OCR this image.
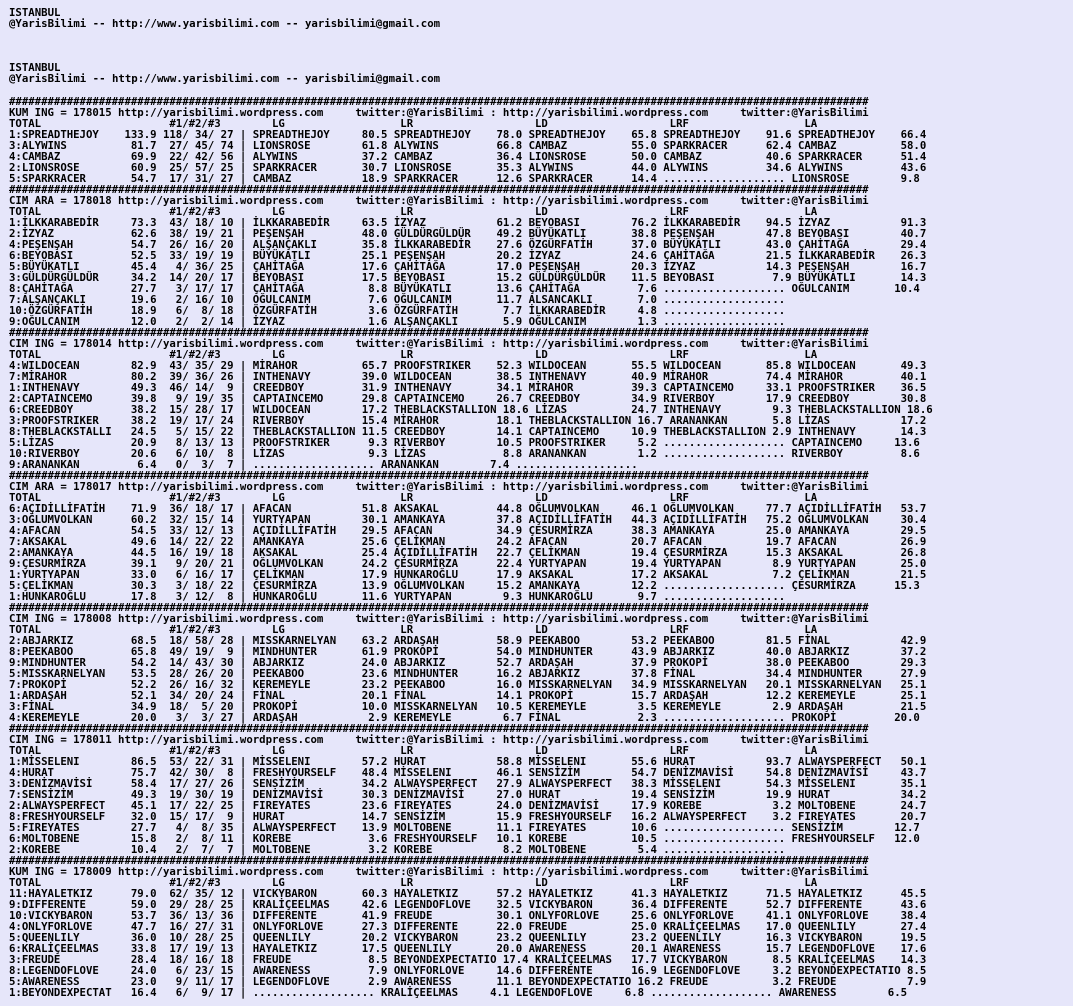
ISTANBUL
@YarisBilimi -- http://www.yarisbilimi.com -- yarisbilimi@gmail.com
ISTANBUL
@YarisBilimi -- http://www.yarisbilimi.com -- yarisbilimi@gmail.com
######################################################################################################################################
KUM ING = 178015 http://yarisbilimi.wordpress.com     twitter:@YarisBilimi : http://yarisbilimi.wordpress.com     twitter:@YarisBilimi
TOTAL                    #1/#2/#3        LG                  LR                   LD                   LRF                  LA
1:SPREADTHEJOY    133.9 118/ 34/ 27 | SPREADTHEJOY     80.5 SPREADTHEJOY    78.0 SPREADTHEJOY    65.8 SPREADTHEJOY    91.6 SPREADTHEJOY    66.4
3:ALYWINS          81.7  27/ 45/ 74 | LIONSROSE        61.8 ALYWINS         66.8 CAMBAZ          55.0 SPARKRACER      62.4 CAMBAZ          58.0
4:CAMBAZ           69.9  22/ 42/ 56 | ALYWINS          37.2 CAMBAZ          36.4 LIONSROSE       50.0 CAMBAZ          40.6 SPARKRACER      51.4
2:LIONSROSE        60.9  25/ 57/ 25 | SPARKRACER       30.7 LIONSROSE       35.3 ALYWINS         44.0 ALYWINS         34.6 ALYWINS         43.6
5:SPARKRACER       54.7  17/ 31/ 27 | CAMBAZ           18.9 SPARKRACER      12.6 SPARKRACER      14.4 ................... LIONSROSE        9.8
######################################################################################################################################
CIM ARA = 178018 http://yarisbilimi.wordpress.com     twitter:@YarisBilimi : http://yarisbilimi.wordpress.com     twitter:@YarisBilimi
TOTAL                    #1/#2/#3        LG                  LR                   LD                   LRF                  LA
1:İLKKARABEDİR     73.3  43/ 18/ 10 | İLKKARABEDİR     63.5 İZYAZ           61.2 BEYOBASI        76.2 İLKKARABEDİR    94.5 İZYAZ           91.3
2:İZYAZ            62.6  38/ 19/ 21 | PEŞENŞAH         48.0 GÜLDÜRGÜLDÜR    49.2 BÜYÜKATLI       38.8 PEŞENŞAH        47.8 BEYOBASI        40.7
4:PEŞENŞAH         54.7  26/ 16/ 20 | ALŞANÇAKLI       35.8 İLKKARABEDİR    27.6 ÖZGÜRFATİH      37.0 BÜYÜKATLI       43.0 ÇAHİTAĞA        29.4
6:BEYOBASI         52.5  33/ 19/ 19 | BÜYÜKATLI        25.1 PEŞENŞAH        20.2 İZYAZ           24.6 ÇAHİTAĞA        21.5 İLKKARABEDİR    26.3
5:BÜYÜKATLI        45.4   4/ 36/ 25 | ÇAHİTAĞA         17.6 ÇAHİTAĞA        17.0 PEŞENŞAH        20.3 İZYAZ           14.3 PEŞENŞAH        16.7
3:GÜLDÜRGÜLDÜR     34.2  14/ 20/ 17 | BEYOBASI         17.5 BEYOBASI        15.2 GÜLDÜRGÜLDÜR    11.5 BEYOBASI         7.9 BÜYÜKATLI       14.3
8:ÇAHİTAĞA         27.7   3/ 17/ 17 | ÇAHİTAĞA          8.8 BÜYÜKATLI       13.6 ÇAHİTAĞA         7.6 ................... OĞULCANIM       10.4
7:ALŞANÇAKLI       19.6   2/ 16/ 10 | OĞULCANIM         7.6 OĞULCANIM       11.7 ALSANCAKLI       7.0 ...................
10:ÖZGÜRFATİH      18.9   6/  8/ 18 | ÖZGÜRFATİH        3.6 ÖZGÜRFATİH       7.7 İLKKARABEDİR     4.8 ...................
9:OĞULCANIM        12.0   2/  2/ 14 | İZYAZ             1.6 ALŞANÇAKLI       5.9 OĞULCANIM        1.3 ...................
######################################################################################################################################
CIM ING = 178014 http://yarisbilimi.wordpress.com     twitter:@YarisBilimi : http://yarisbilimi.wordpress.com     twitter:@YarisBilimi
TOTAL                    #1/#2/#3        LG                  LR                   LD                   LRF                  LA
4:WILDOCEAN        82.9  43/ 35/ 29 | MİRAHOR          65.7 PROOFSTRIKER    52.3 WILDOCEAN       55.5 WILDOCEAN       85.8 WILDOCEAN       49.3
7:MİRAHOR          80.2  39/ 36/ 26 | INTHENAVY        39.0 WILDOCEAN       38.5 INTHENAVY       40.9 MİRAHOR         74.4 MİRAHOR         40.1
1:INTHENAVY        49.3  46/ 14/  9 | CREEDBOY         31.9 INTHENAVY       34.1 MİRAHOR         39.3 CAPTAINCEMO     33.1 PROOFSTRIKER    36.5
2:CAPTAINCEMO      39.8   9/ 19/ 35 | CAPTAINCEMO      29.8 CAPTAINCEMO     26.7 CREEDBOY        34.9 RIVERBOY        17.9 CREEDBOY        30.8
6:CREEDBOY         38.2  15/ 28/ 17 | WILDOCEAN        17.2 THEBLACKSTALLION 18.6 LİZAS          24.7 INTHENAVY        9.3 THEBLACKSTALLION 18.6
3:PROOFSTRIKER     38.2  19/ 17/ 24 | RIVERBOY         15.4 MİRAHOR         18.1 THEBLACKSTALLION 16.7 ARANANKAN       5.8 LİZAS           17.2
8:THEBLACKSTALLI   24.5   5/ 15/ 22 | THEBLACKSTALLION 11.5 CREEDBOY        14.1 CAPTAINCEMO     10.9 THEBLACKSTALLION 2.9 INTHENAVY       14.3
5:LİZAS            20.9   8/ 13/ 13 | PROOFSTRIKER      9.3 RIVERBOY        10.5 PROOFSTRIKER     5.2 ................... CAPTAINCEMO     13.6
10:RIVERBOY        20.6   6/ 10/  8 | LİZAS             9.3 LİZAS            8.8 ARANANKAN        1.2 ................... RIVERBOY         8.6
9:ARANANKAN         6.4   0/  3/  7 | ................... ARANANKAN        7.4 ...................
######################################################################################################################################
CIM ARA = 178017 http://yarisbilimi.wordpress.com     twitter:@YarisBilimi : http://yarisbilimi.wordpress.com     twitter:@YarisBilimi
TOTAL                    #1/#2/#3        LG                  LR                   LD                   LRF                  LA
6:AÇIDİLLİFATİH    71.9  36/ 18/ 17 | AFACAN           51.8 AKSAKAL         44.8 OĞLUMVOLKAN     46.1 OĞLUMVOLKAN     77.7 AÇIDİLLİFATİH   53.7
3:OĞLUMVOLKAN      60.2  32/ 15/ 14 | YURTYAPAN        30.1 AMANKAYA        37.8 AÇIDİLLİFATİH   44.3 AÇIDİLLİFATİH   75.2 OĞLUMVOLKAN     30.4
4:AFACAN           54.5  33/ 12/ 13 | AÇIDİLLİFATİH    29.5 AFACAN          34.9 ÇESURMİRZA      38.3 AMANKAYA        25.0 AMANKAYA        29.5
7:AKSAKAL          49.6  14/ 22/ 22 | AMANKAYA         25.6 ÇELİKMAN        24.2 AFACAN          20.7 AFACAN          19.7 AFACAN          26.9
2:AMANKAYA         44.5  16/ 19/ 18 | AKSAKAL          25.4 AÇIDİLLİFATİH   22.7 ÇELİKMAN        19.4 ÇESURMİRZA      15.3 AKSAKAL         26.8
9:ÇESURMİRZA       39.1   9/ 20/ 21 | OĞLUMVOLKAN      24.2 ÇESURMİRZA      22.4 YURTYAPAN       19.4 YURTYAPAN        8.9 YURTYAPAN       25.0
1:YURTYAPAN        33.0   6/ 16/ 17 | ÇELİKMAN         17.9 HUNKAROĞLU      17.9 AKSAKAL         17.2 AKSAKAL          7.2 ÇELİKMAN        21.5
5:ÇELİKMAN         30.3   3/ 18/ 22 | ÇESURMİRZA       13.9 OĞLUMVOLKAN     15.2 AMANKAYA        12.2 ................... ÇESURMİRZA      15.3
1:HUNKAROĞLU       17.8   3/ 12/  8 | HUNKAROĞLU       11.6 YURTYAPAN        9.3 HUNKAROĞLU       9.7 ...................
######################################################################################################################################
CIM ING = 178008 http://yarisbilimi.wordpress.com     twitter:@YarisBilimi : http://yarisbilimi.wordpress.com     twitter:@YarisBilimi
TOTAL                    #1/#2/#3        LG                  LR                   LD                   LRF                  LA
2:ABJARKIZ         68.5  18/ 58/ 28 | MISSKARNELYAN    63.2 ARDAŞAH         58.9 PEEKABOO        53.2 PEEKABOO        81.5 FİNAL           42.9
8:PEEKABOO         65.8  49/ 19/  9 | MINDHUNTER       61.9 PROKOPİ         54.0 MINDHUNTER      43.9 ABJARKIZ        40.0 ABJARKIZ        37.2
9:MINDHUNTER       54.2  14/ 43/ 30 | ABJARKIZ         24.0 ABJARKIZ        52.7 ARDAŞAH         37.9 PROKOPİ         38.0 PEEKABOO        29.3
5:MISSKARNELYAN    53.5  28/ 26/ 20 | PEEKABOO         23.6 MINDHUNTER      16.2 ABJARKIZ        37.8 FİNAL           34.4 MINDHUNTER      27.9
7:PROKOPİ          52.2  26/ 16/ 32 | KEREMEYLE        23.2 PEEKABOO        16.0 MISSKARNELYAN   34.9 MISSKARNELYAN   20.1 MISSKARNELYAN   25.1
1:ARDAŞAH          52.1  34/ 20/ 24 | FİNAL            20.1 FİNAL           14.1 PROKOPİ         15.7 ARDAŞAH         12.2 KEREMEYLE       25.1
3:FİNAL            34.9  18/  5/ 20 | PROKOPİ          10.0 MISSKARNELYAN   10.5 KEREMEYLE        3.5 KEREMEYLE        2.9 ARDAŞAH         21.5
4:KEREMEYLE        20.0   3/  3/ 27 | ARDAŞAH           2.9 KEREMEYLE        6.7 FİNAL            2.3 ................... PROKOPİ         20.0
######################################################################################################################################
CIM ING = 178011 http://yarisbilimi.wordpress.com     twitter:@YarisBilimi : http://yarisbilimi.wordpress.com     twitter:@YarisBilimi
TOTAL                    #1/#2/#3        LG                  LR                   LD                   LRF                  LA
1:MİSSELENI        86.5  53/ 22/ 31 | MİSSELENI        57.2 HURAT           58.8 MİSSELENI       55.6 HURAT           93.7 ALWAYSPERFECT   50.1
4:HURAT            75.7  42/ 30/  8 | FRESHYOURSELF    48.4 MİSSELENI       46.1 SENSİZİM        54.7 DENİZMAVİSİ     54.8 DENİZMAVİSİ     43.7
3:DENİZMAVİSİ      58.4  17/ 27/ 26 | SENSİZİM         34.2 ALWAYSPERFECT   27.9 ALWAYSPERFECT   38.3 MİSSELENI       54.3 MİSSELENI       35.1
7:SENSİZİM         49.3  19/ 30/ 19 | DENİZMAVİSİ      30.3 DENİZMAVİSİ     27.0 HURAT           19.4 SENSİZİM        19.9 HURAT           34.2
2:ALWAYSPERFECT    45.1  17/ 22/ 25 | FIREYATES        23.6 FIREYATES       24.0 DENİZMAVİSİ     17.9 KOREBE           3.2 MOLTOBENE       24.7
8:FRESHYOURSELF    32.0  15/ 17/  9 | HURAT            14.7 SENSİZİM        15.9 FRESHYOURSELF   16.2 ALWAYSPERFECT    3.2 FIREYATES       20.7
5:FIREYATES        27.7   4/  8/ 35 | ALWAYSPERFECT    13.9 MOLTOBENE       11.1 FIREYATES       10.6 ................... SENSİZİM        12.7
6:MOLTOBENE        15.8   2/  8/ 11 | KOREBE            3.6 FRESHYOURSELF   10.1 KOREBE          10.5 ................... FRESHYOURSELF   12.0
2:KOREBE           10.4   2/  7/  7 | MOLTOBENE         3.2 KOREBE           8.2 MOLTOBENE        5.4 ...................
######################################################################################################################################
KUM ING = 178009 http://yarisbilimi.wordpress.com     twitter:@YarisBilimi : http://yarisbilimi.wordpress.com     twitter:@YarisBilimi
TOTAL                    #1/#2/#3        LG                  LR                   LD                   LRF                  LA
11:HAYALETKIZ      79.0  62/ 35/ 12 | VICKYBARON       60.3 HAYALETKIZ      57.2 HAYALETKIZ      41.3 HAYALETKIZ      71.5 HAYALETKIZ      45.5
9:DIFFERENTE       59.0  29/ 28/ 25 | KRALİÇEELMAS     42.6 LEGENDOFLOVE    32.5 VICKYBARON      36.4 DIFFERENTE      52.7 DIFFERENTE      43.6
10:VICKYBARON      53.7  36/ 13/ 36 | DIFFERENTE       41.9 FREUDE          30.1 ONLYFORLOVE     25.6 ONLYFORLOVE     41.1 ONLYFORLOVE     38.4
4:ONLYFORLOVE      47.7  16/ 27/ 31 | ONLYFORLOVE      27.3 DIFFERENTE      22.0 FREUDE          25.0 KRALİÇEELMAS    17.0 QUEENLILY       27.4
5:QUEENLILY        36.0  10/ 28/ 25 | QUEENLILY        20.2 VICKYBARON      23.2 QUEENLILY       23.2 QUEENLILY       16.3 VICKYBARON      19.5
6:KRALİÇEELMAS     33.8  17/ 19/ 13 | HAYALETKIZ       17.5 QUEENLILY       20.0 AWARENESS       20.1 AWARENESS       15.7 LEGENDOFLOVE    17.6
3:FREUDE           28.4  18/ 16/ 18 | FREUDE            8.5 BEYONDEXPECTATIO 17.4 KRALİÇEELMAS   17.7 VICKYBARON       8.5 KRALİÇEELMAS    14.3
8:LEGENDOFLOVE     24.0   6/ 23/ 15 | AWARENESS         7.9 ONLYFORLOVE     14.6 DIFFERENTE      16.9 LEGENDOFLOVE     3.2 BEYONDEXPECTATIO 8.5
5:AWARENESS        23.0   9/ 11/ 17 | LEGENDOFLOVE      2.9 AWARENESS       11.1 BEYONDEXPECTATIO 16.2 FREUDE          3.2 FREUDE           7.9
1:BEYONDEXPECTAT   16.4   6/  9/ 17 | ................... KRALİÇEELMAS     4.1 LEGENDOFLOVE     6.8 ................... AWARENESS        6.5
